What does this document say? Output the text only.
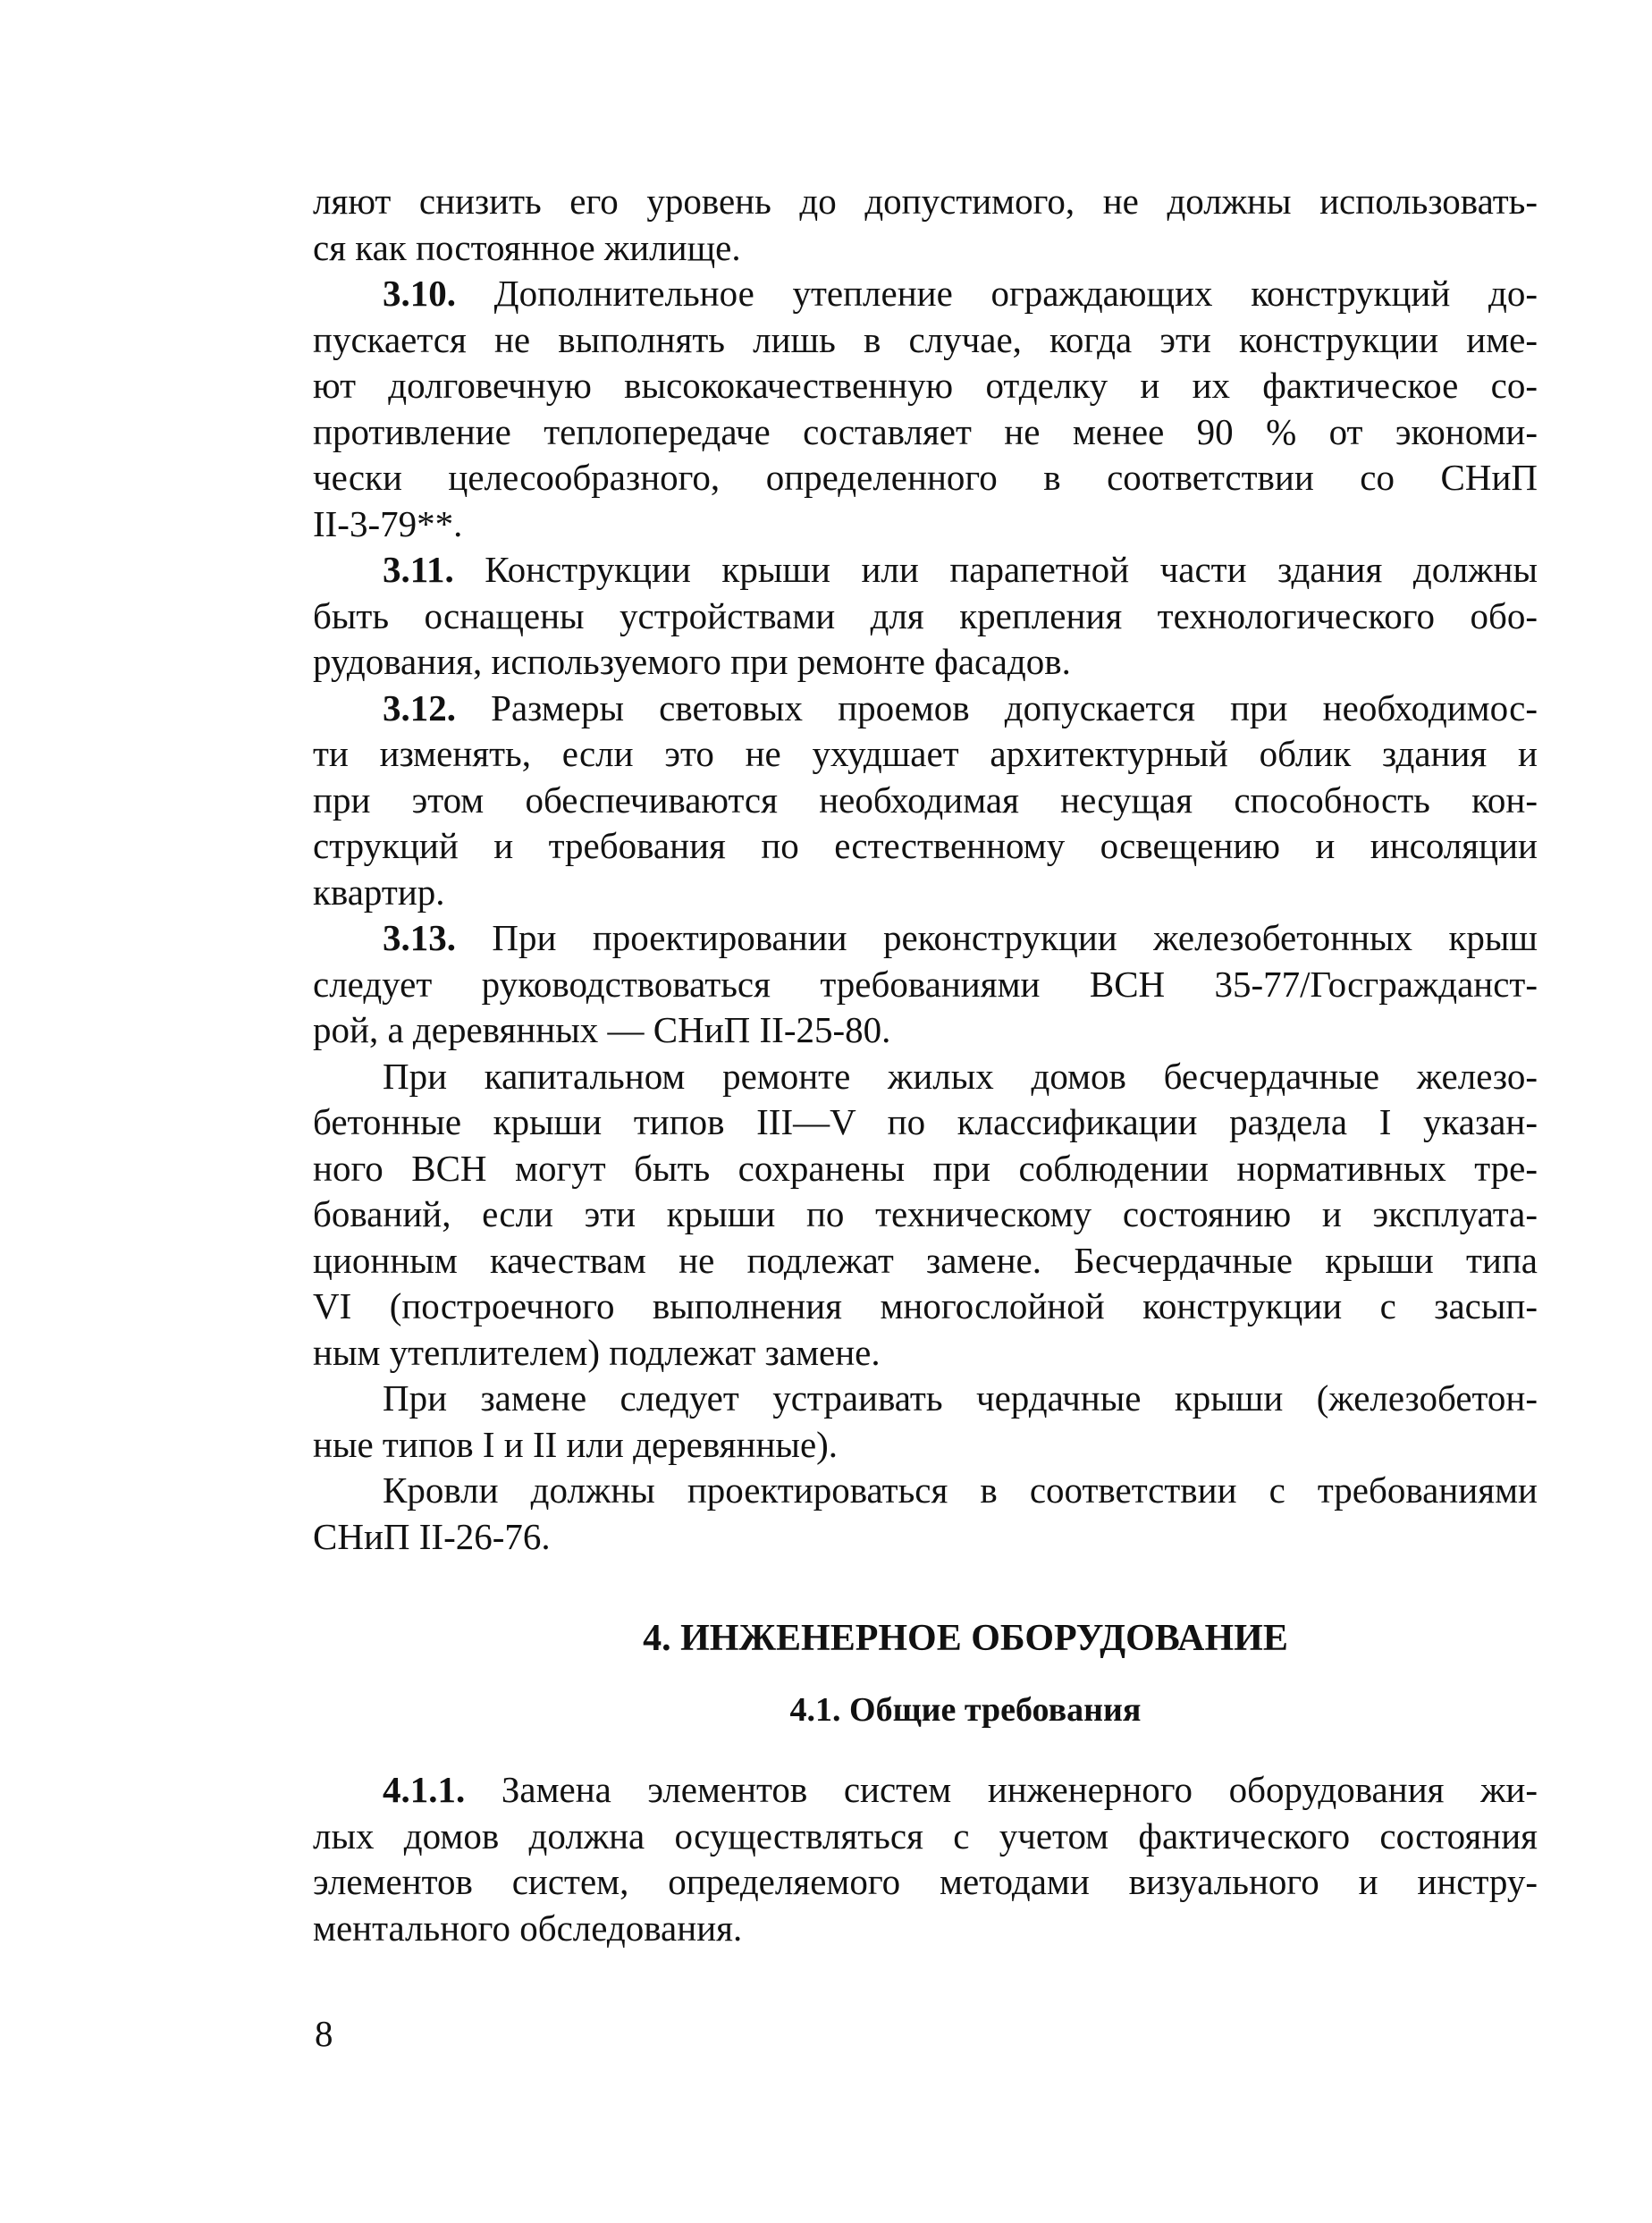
ляют снизить его уровень до допустимого, не должны использовать-
ся как постоянное жилище.
3.10. Дополнительное утепление ограждающих конструкций до-
пускается не выполнять лишь в случае, когда эти конструкции име-
ют долговечную высококачественную отделку и их фактическое со-
противление теплопередаче составляет не менее 90 % от экономи-
чески целесообразного, определенного в соответствии со СНиП
II-3-79**.
3.11. Конструкции крыши или парапетной части здания должны
быть оснащены устройствами для крепления технологического обо-
рудования, используемого при ремонте фасадов.
3.12. Размеры световых проемов допускается при необходимос-
ти изменять, если это не ухудшает архитектурный облик здания и
при этом обеспечиваются необходимая несущая способность кон-
струкций и требования по естественному освещению и инсоляции
квартир.
3.13. При проектировании реконструкции железобетонных крыш
следует руководствоваться требованиями ВСН 35-77/Госгражданст-
рой, а деревянных — СНиП II-25-80.
При капитальном ремонте жилых домов бесчердачные железо-
бетонные крыши типов III—V по классификации раздела I указан-
ного ВСН могут быть сохранены при соблюдении нормативных тре-
бований, если эти крыши по техническому состоянию и эксплуата-
ционным качествам не подлежат замене. Бесчердачные крыши типа
VI (построечного выполнения многослойной конструкции с засып-
ным утеплителем) подлежат замене.
При замене следует устраивать чердачные крыши (железобетон-
ные типов I и II или деревянные).
Кровли должны проектироваться в соответствии с требованиями
СНиП II-26-76.
4. ИНЖЕНЕРНОЕ ОБОРУДОВАНИЕ
4.1. Общие требования
4.1.1. Замена элементов систем инженерного оборудования жи-
лых домов должна осуществляться с учетом фактического состояния
элементов систем, определяемого методами визуального и инстру-
ментального обследования.
8
